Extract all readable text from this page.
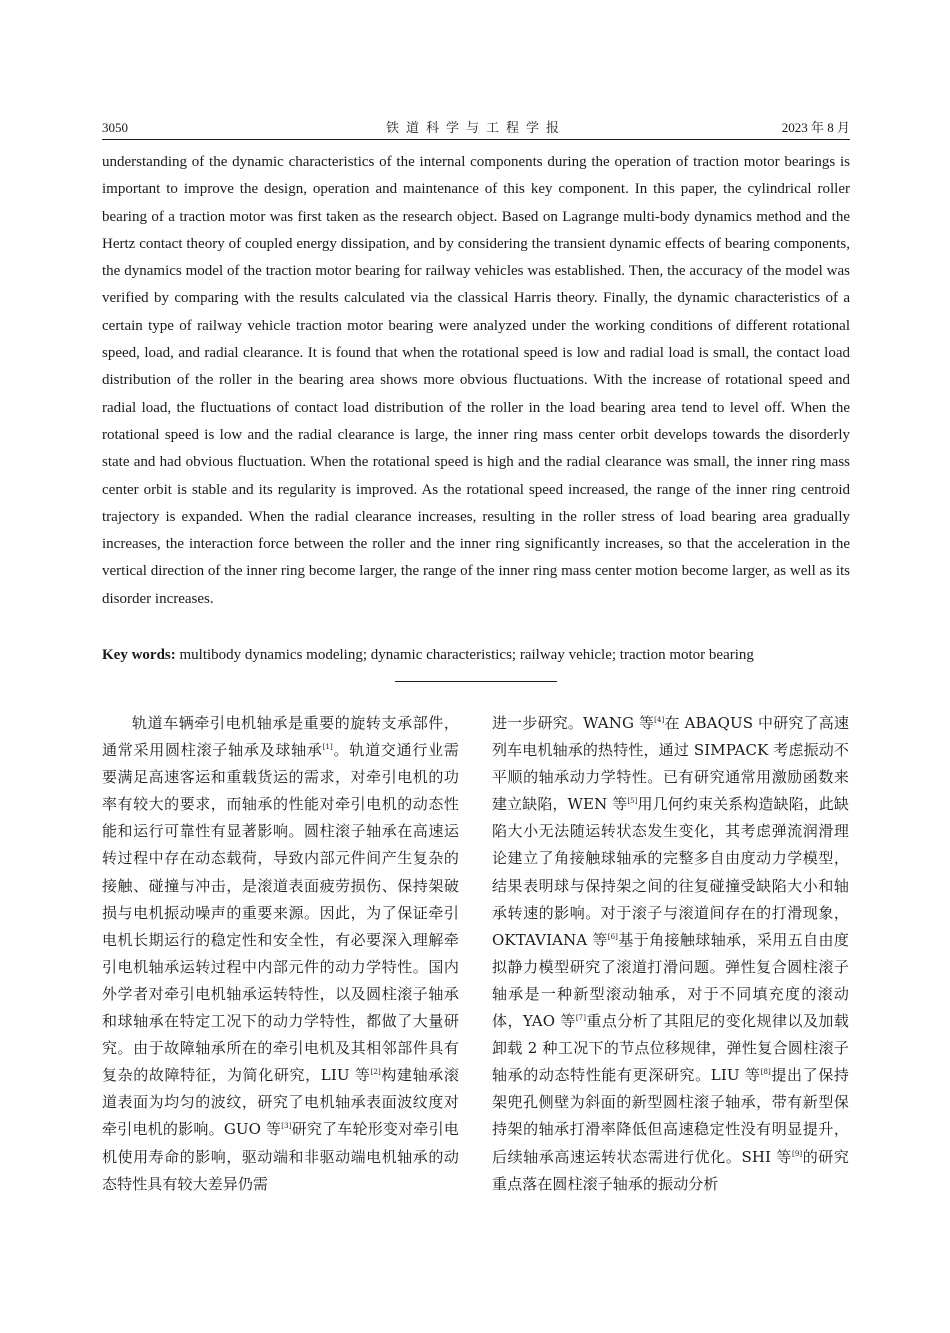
3050	铁道科学与工程学报	2023 年 8 月

understanding of the dynamic characteristics of the internal components during the operation of traction motor bearings is important to improve the design, operation and maintenance of this key component. In this paper, the cylindrical roller bearing of a traction motor was first taken as the research object. Based on Lagrange multi-body dynamics method and the Hertz contact theory of coupled energy dissipation, and by considering the transient dynamic effects of bearing components, the dynamics model of the traction motor bearing for railway vehicles was established. Then, the accuracy of the model was verified by comparing with the results calculated via the classical Harris theory. Finally, the dynamic characteristics of a certain type of railway vehicle traction motor bearing were analyzed under the working conditions of different rotational speed, load, and radial clearance. It is found that when the rotational speed is low and radial load is small, the contact load distribution of the roller in the bearing area shows more obvious fluctuations. With the increase of rotational speed and radial load, the fluctuations of contact load distribution of the roller in the load bearing area tend to level off. When the rotational speed is low and the radial clearance is large, the inner ring mass center orbit develops towards the disorderly state and had obvious fluctuation. When the rotational speed is high and the radial clearance was small, the inner ring mass center orbit is stable and its regularity is improved. As the rotational speed increased, the range of the inner ring centroid trajectory is expanded. When the radial clearance increases, resulting in the roller stress of load bearing area gradually increases, the interaction force between the roller and the inner ring significantly increases, so that the acceleration in the vertical direction of the inner ring become larger, the range of the inner ring mass center motion become larger, as well as its disorder increases.

Key words: multibody dynamics modeling; dynamic characteristics; railway vehicle; traction motor bearing

轨道车辆牵引电机轴承是重要的旋转支承部件，通常采用圆柱滚子轴承及球轴承[1]。轨道交通行业需要满足高速客运和重载货运的需求，对牵引电机的功率有较大的要求，而轴承的性能对牵引电机的动态性能和运行可靠性有显著影响。圆柱滚子轴承在高速运转过程中存在动态载荷，导致内部元件间产生复杂的接触、碰撞与冲击，是滚道表面疲劳损伤、保持架破损与电机振动噪声的重要来源。因此，为了保证牵引电机长期运行的稳定性和安全性，有必要深入理解牵引电机轴承运转过程中内部元件的动力学特性。国内外学者对牵引电机轴承运转特性，以及圆柱滚子轴承和球轴承在特定工况下的动力学特性，都做了大量研究。由于故障轴承所在的牵引电机及其相邻部件具有复杂的故障特征，为简化研究，LIU 等[2]构建轴承滚道表面为均匀的波纹，研究了电机轴承表面波纹度对牵引电机的影响。GUO 等[3]研究了车轮形变对牵引电机使用寿命的影响，驱动端和非驱动端电机轴承的动态特性具有较大差异仍需

进一步研究。WANG 等[4]在 ABAQUS 中研究了高速列车电机轴承的热特性，通过 SIMPACK 考虑振动不平顺的轴承动力学特性。已有研究通常用激励函数来建立缺陷，WEN 等[5]用几何约束关系构造缺陷，此缺陷大小无法随运转状态发生变化，其考虑弹流润滑理论建立了角接触球轴承的完整多自由度动力学模型，结果表明球与保持架之间的往复碰撞受缺陷大小和轴承转速的影响。对于滚子与滚道间存在的打滑现象，OKTAVIANA 等[6]基于角接触球轴承，采用五自由度拟静力模型研究了滚道打滑问题。弹性复合圆柱滚子轴承是一种新型滚动轴承，对于不同填充度的滚动体，YAO 等[7]重点分析了其阻尼的变化规律以及加载卸载 2 种工况下的节点位移规律，弹性复合圆柱滚子轴承的动态特性能有更深研究。LIU 等[8]提出了保持架兜孔侧壁为斜面的新型圆柱滚子轴承，带有新型保持架的轴承打滑率降低但高速稳定性没有明显提升，后续轴承高速运转状态需进行优化。SHI 等[9]的研究重点落在圆柱滚子轴承的振动分析
